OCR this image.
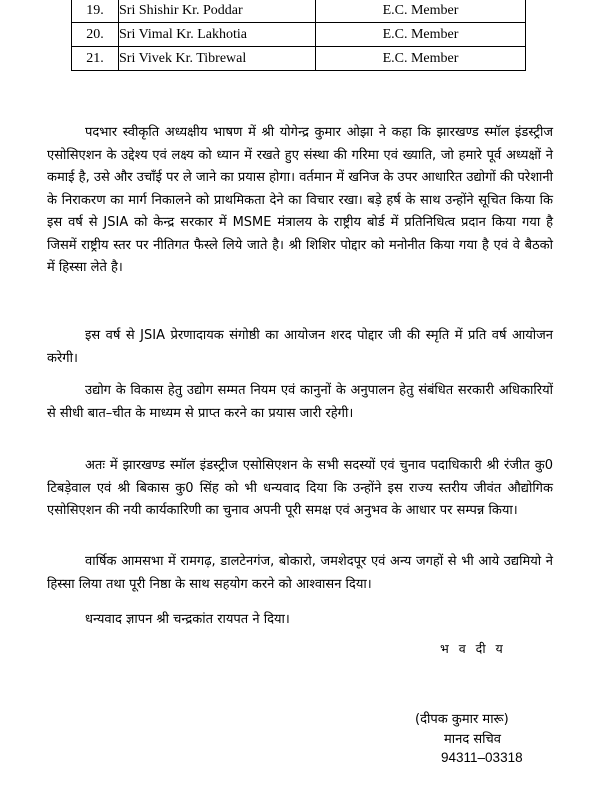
19.	Sri Shishir Kr. Poddar	E.C. Member
20.	Sri Vimal Kr. Lakhotia	E.C. Member
21.	Sri Vivek Kr. Tibrewal	E.C. Member

पदभार स्वीकृति अध्यक्षीय भाषण में श्री योगेन्द्र कुमार ओझा ने कहा कि झारखण्ड स्मॉल इंडस्ट्रीज एसोसिएशन के उद्देश्य एवं लक्ष्य को ध्यान में रखते हुए संस्था की गरिमा एवं ख्याति, जो हमारे पूर्व अध्यक्षों ने कमाई है, उसे और उचाँई पर ले जाने का प्रयास होगा। वर्तमान में खनिज के उपर आधारित उद्योगों की परेशानी के निराकरण का मार्ग निकालने को प्राथमिकता देने का विचार रखा। बड़े हर्ष के साथ उन्होंने सूचित किया कि इस वर्ष से JSIA को केन्द्र सरकार में MSME मंत्रालय के राष्ट्रीय बोर्ड में प्रतिनिधित्व प्रदान किया गया है जिसमें राष्ट्रीय स्तर पर नीतिगत फैस्ले लिये जाते है। श्री शिशिर पोद्दार को मनोनीत किया गया है एवं वे बैठको में हिस्सा लेते है।

इस वर्ष से JSIA प्रेरणादायक संगोष्ठी का आयोजन शरद पोद्दार जी की स्मृति में प्रति वर्ष आयोजन करेगी।

उद्योग के विकास हेतु उद्योग सम्मत नियम एवं कानुनों के अनुपालन हेतु संबंधित सरकारी अधिकारियों से सीधी बात–चीत के माध्यम से प्राप्त करने का प्रयास जारी रहेगी।

अतः में झारखण्ड स्मॉल इंडस्ट्रीज एसोसिएशन के सभी सदस्यों एवं चुनाव पदाधिकारी श्री रंजीत कु0 टिबड़ेवाल एवं श्री बिकास कु0 सिंह को भी धन्यवाद दिया कि उन्होंने इस राज्य स्तरीय जीवंत औद्योगिक एसोसिएशन की नयी कार्यकारिणी का चुनाव अपनी पूरी समक्ष एवं अनुभव के आधार पर सम्पन्न किया।

वार्षिक आमसभा में रामगढ़, डालटेनगंज, बोकारो, जमशेदपूर एवं अन्य जगहों से भी आये उद्यमियो ने हिस्सा लिया तथा पूरी निष्ठा के साथ सहयोग करने को आश्वासन दिया।

धन्यवाद ज्ञापन श्री चन्द्रकांत रायपत ने दिया।

भ व दी य
(दीपक कुमार मारू)
मानद सचिव
94311–03318
